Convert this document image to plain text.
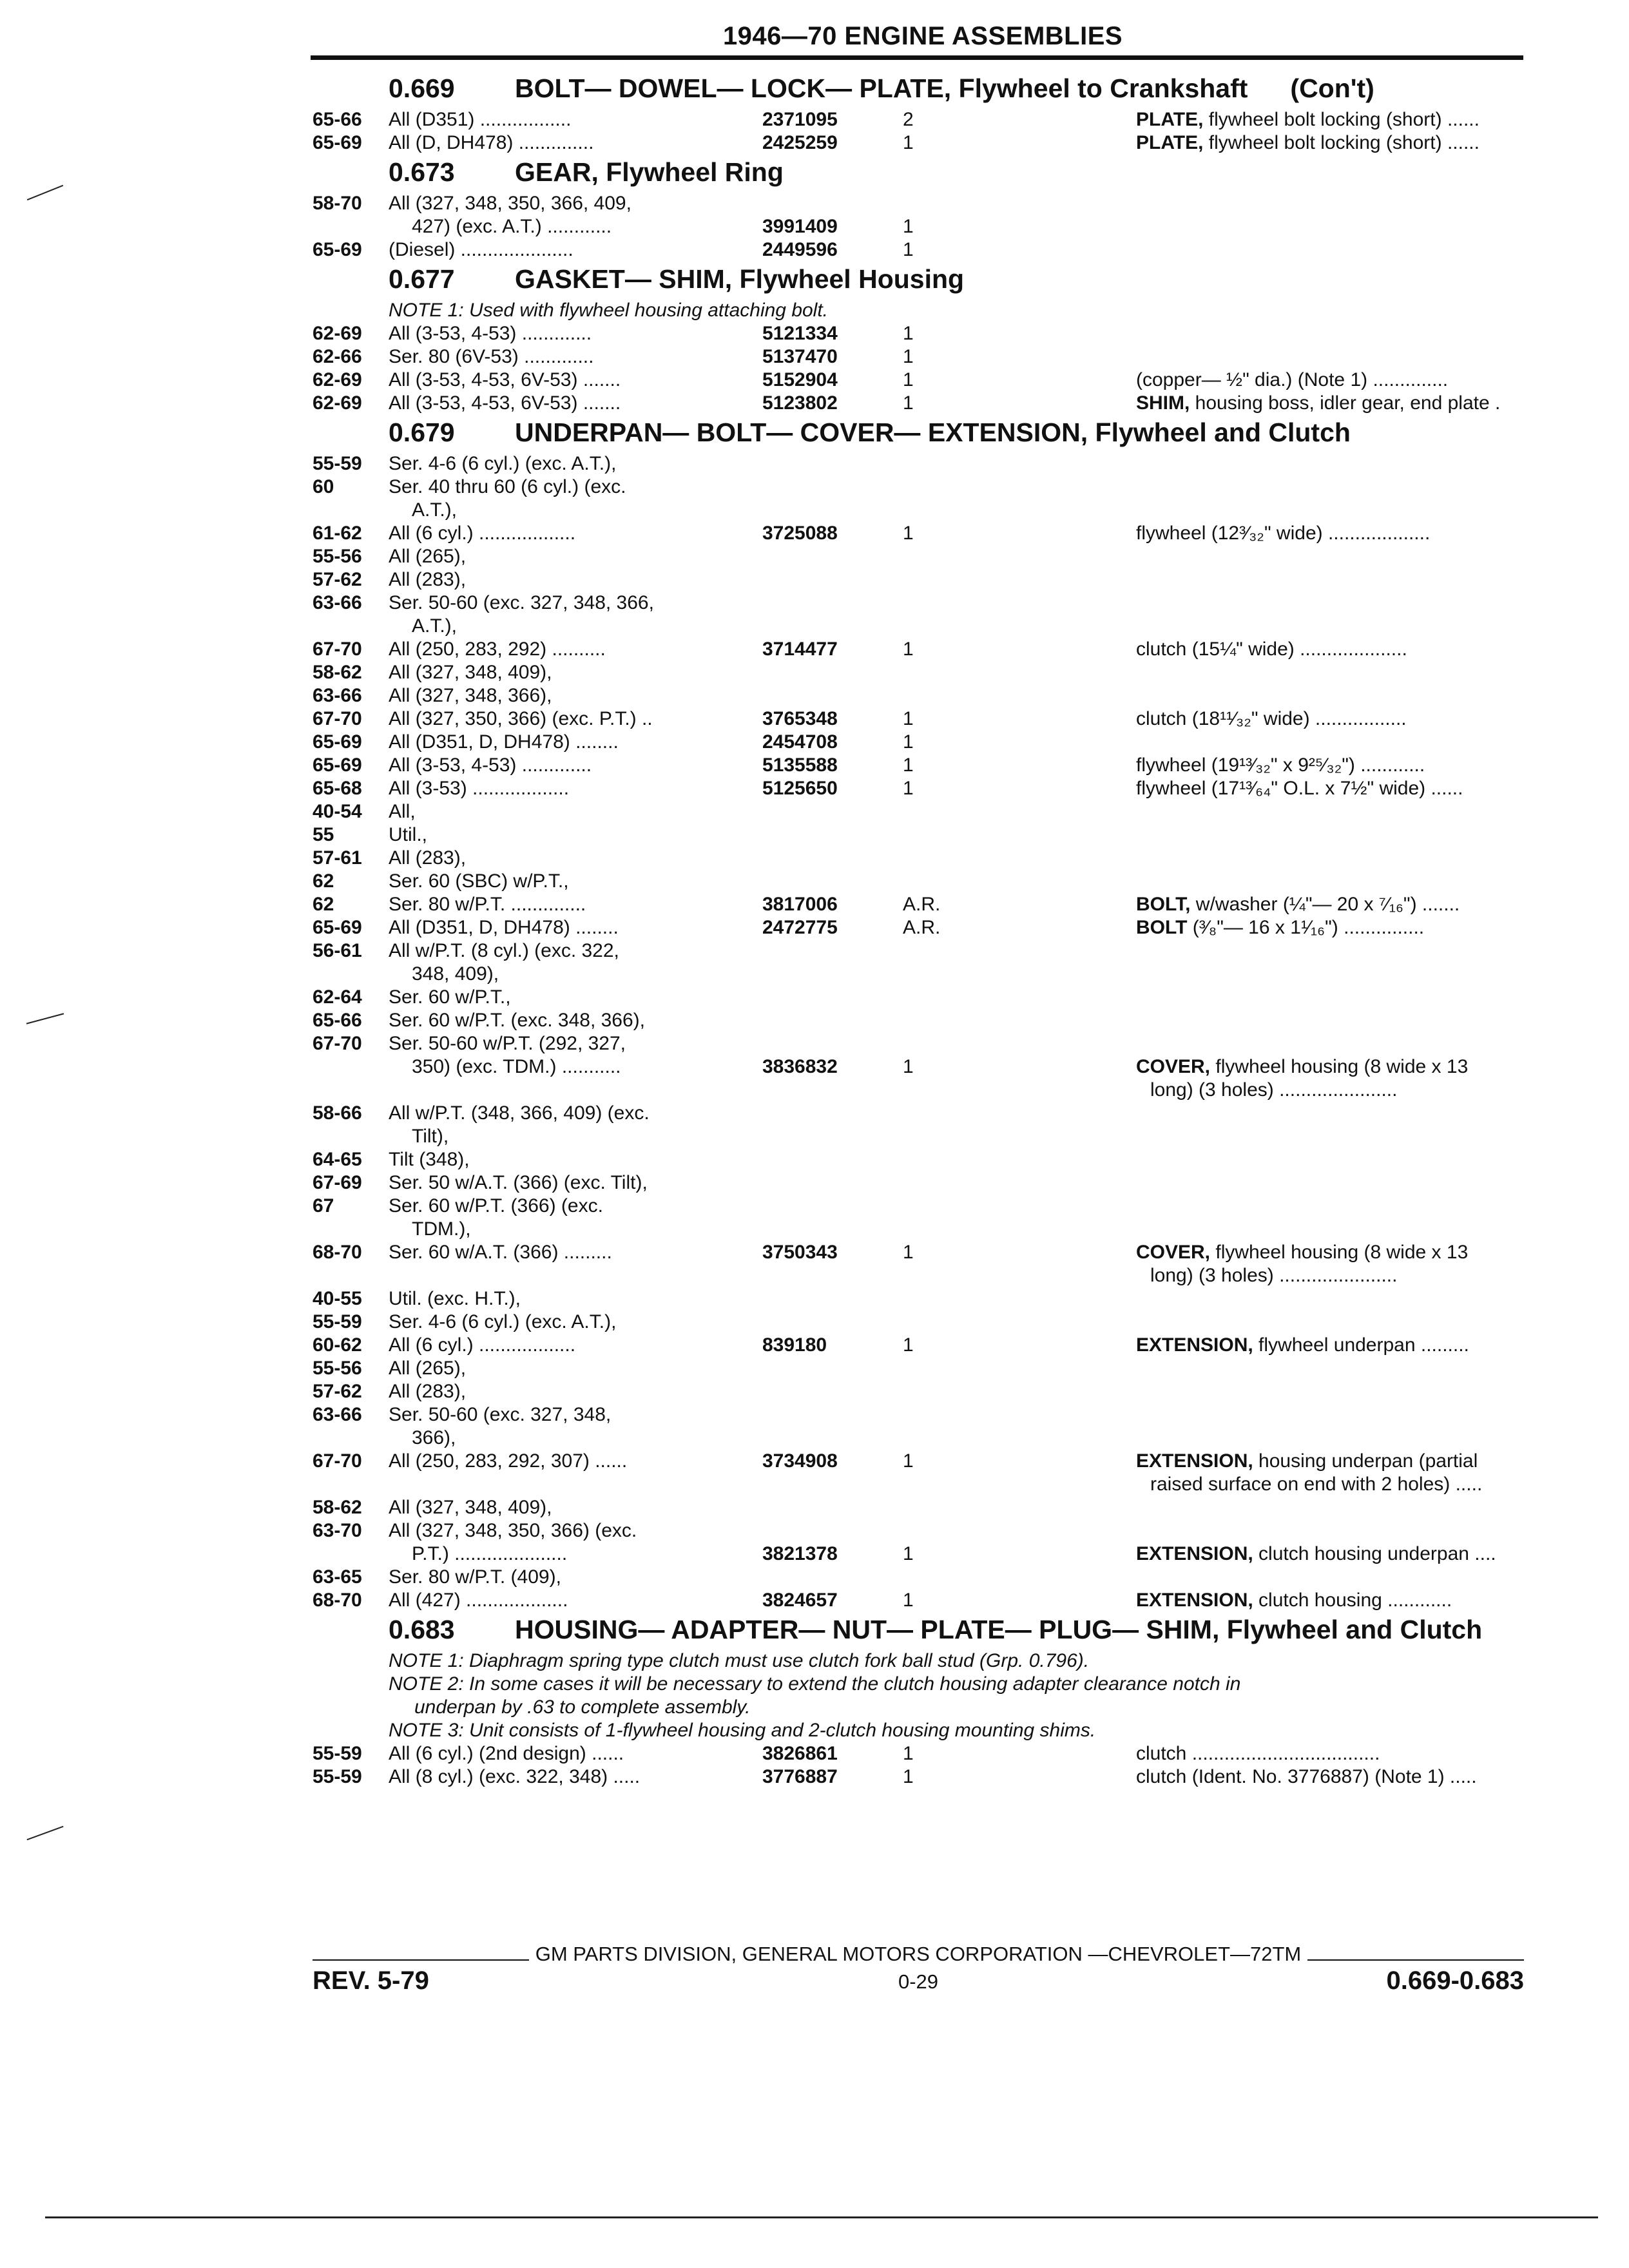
1946—70 ENGINE ASSEMBLIES
0.669	BOLT— DOWEL— LOCK— PLATE, Flywheel to Crankshaft (Con't)
65-66	All (D351) .................	2371095	2	PLATE, flywheel bolt locking (short) ......
65-69	All (D, DH478) ..............	2425259	1	PLATE, flywheel bolt locking (short) ......
0.673	GEAR, Flywheel Ring
58-70	All (327, 348, 350, 366, 409,
427) (exc. A.T.) ............	3991409	1
65-69	(Diesel) .....................	2449596	1
0.677	GASKET— SHIM, Flywheel Housing
NOTE 1: Used with flywheel housing attaching bolt.
62-69	All (3-53, 4-53) .............	5121334	1
62-66	Ser. 80 (6V-53) .............	5137470	1
62-69	All (3-53, 4-53, 6V-53) .......	5152904	1	(copper— ½" dia.) (Note 1) ..............
62-69	All (3-53, 4-53, 6V-53) .......	5123802	1	SHIM, housing boss, idler gear, end plate .
0.679	UNDERPAN— BOLT— COVER— EXTENSION, Flywheel and Clutch
55-59	Ser. 4-6 (6 cyl.) (exc. A.T.),
60	Ser. 40 thru 60 (6 cyl.) (exc.
A.T.),
61-62	All (6 cyl.) ..................	3725088	1	flywheel (12³⁄₃₂" wide) ...................
55-56	All (265),
57-62	All (283),
63-66	Ser. 50-60 (exc. 327, 348, 366,
A.T.),
67-70	All (250, 283, 292) ..........	3714477	1	clutch (15¼" wide) ....................
58-62	All (327, 348, 409),
63-66	All (327, 348, 366),
67-70	All (327, 350, 366) (exc. P.T.) ..	3765348	1	clutch (18¹¹⁄₃₂" wide) .................
65-69	All (D351, D, DH478) ........	2454708	1
65-69	All (3-53, 4-53) .............	5135588	1	flywheel (19¹³⁄₃₂" x 9²⁵⁄₃₂") ............
65-68	All (3-53) ..................	5125650	1	flywheel (17¹³⁄₆₄" O.L. x 7½" wide) ......
40-54	All,
55	Util.,
57-61	All (283),
62	Ser. 60 (SBC) w/P.T.,
62	Ser. 80 w/P.T. ..............	3817006	A.R.	BOLT, w/washer (¼"— 20 x ⁷⁄₁₆") .......
65-69	All (D351, D, DH478) ........	2472775	A.R.	BOLT (³⁄₈"— 16 x 1¹⁄₁₆") ...............
56-61	All w/P.T. (8 cyl.) (exc. 322,
348, 409),
62-64	Ser. 60 w/P.T.,
65-66	Ser. 60 w/P.T. (exc. 348, 366),
67-70	Ser. 50-60 w/P.T. (292, 327,
350) (exc. TDM.) ...........	3836832	1	COVER, flywheel housing (8 wide x 13
long) (3 holes) ......................
58-66	All w/P.T. (348, 366, 409) (exc.
Tilt),
64-65	Tilt (348),
67-69	Ser. 50 w/A.T. (366) (exc. Tilt),
67	Ser. 60 w/P.T. (366) (exc.
TDM.),
68-70	Ser. 60 w/A.T. (366) .........	3750343	1	COVER, flywheel housing (8 wide x 13
long) (3 holes) ......................
40-55	Util. (exc. H.T.),
55-59	Ser. 4-6 (6 cyl.) (exc. A.T.),
60-62	All (6 cyl.) ..................	839180	1	EXTENSION, flywheel underpan .........
55-56	All (265),
57-62	All (283),
63-66	Ser. 50-60 (exc. 327, 348,
366),
67-70	All (250, 283, 292, 307) ......	3734908	1	EXTENSION, housing underpan (partial
raised surface on end with 2 holes) .....
58-62	All (327, 348, 409),
63-70	All (327, 348, 350, 366) (exc.
P.T.) .....................	3821378	1	EXTENSION, clutch housing underpan ....
63-65	Ser. 80 w/P.T. (409),
68-70	All (427) ...................	3824657	1	EXTENSION, clutch housing ............
0.683	HOUSING— ADAPTER— NUT— PLATE— PLUG— SHIM, Flywheel and Clutch
NOTE 1: Diaphragm spring type clutch must use clutch fork ball stud (Grp. 0.796).
NOTE 2: In some cases it will be necessary to extend the clutch housing adapter clearance notch in
underpan by .63 to complete assembly.
NOTE 3: Unit consists of 1-flywheel housing and 2-clutch housing mounting shims.
55-59	All (6 cyl.) (2nd design) ......	3826861	1	clutch ...................................
55-59	All (8 cyl.) (exc. 322, 348) .....	3776887	1	clutch (Ident. No. 3776887) (Note 1) .....
GM PARTS DIVISION, GENERAL MOTORS CORPORATION —CHEVROLET—72TM
REV. 5-79	0-29	0.669-0.683
